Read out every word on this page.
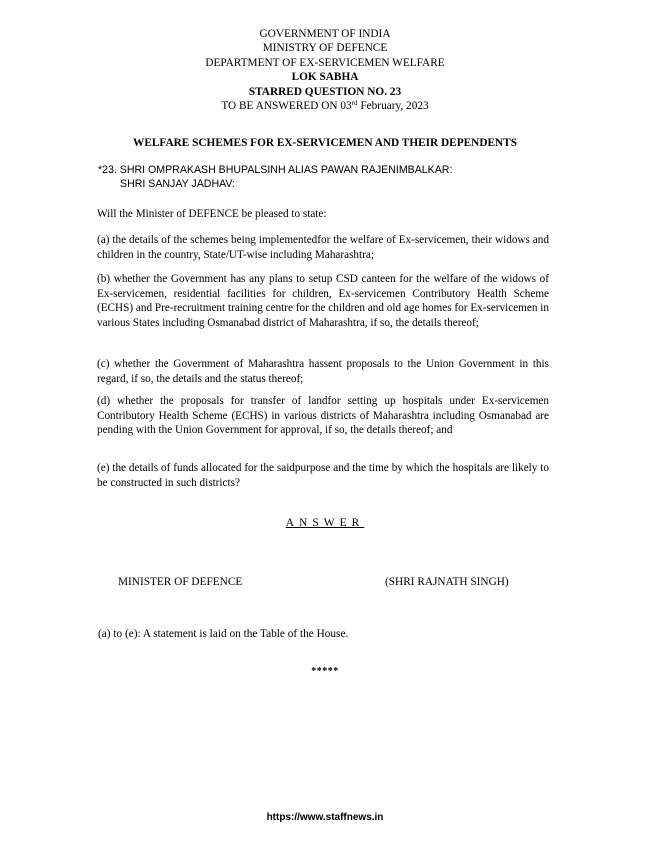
GOVERNMENT OF INDIA
MINISTRY OF DEFENCE
DEPARTMENT OF EX-SERVICEMEN WELFARE
LOK SABHA
STARRED QUESTION NO. 23
TO BE ANSWERED ON 03rd February, 2023
WELFARE SCHEMES FOR EX-SERVICEMEN AND THEIR DEPENDENTS
*23. SHRI OMPRAKASH BHUPALSINH ALIAS PAWAN RAJENIMBALKAR:
SHRI SANJAY JADHAV:
Will the Minister of DEFENCE be pleased to state:
(a) the details of the schemes being implementedfor the welfare of Ex-servicemen, their widows and children in the country, State/UT-wise including Maharashtra;
(b) whether the Government has any plans to setup CSD canteen for the welfare of the widows of Ex-servicemen, residential facilities for children, Ex-servicemen Contributory Health Scheme (ECHS) and Pre-recruitment training centre for the children and old age homes for Ex-servicemen in various States including Osmanabad district of Maharashtra, if so, the details thereof;
(c) whether the Government of Maharashtra hassent proposals to the Union Government in this regard, if so, the details and the status thereof;
(d) whether the proposals for transfer of landfor setting up hospitals under Ex-servicemen Contributory Health Scheme (ECHS) in various districts of Maharashtra including Osmanabad are pending with the Union Government for approval, if so, the details thereof; and
(e) the details of funds allocated for the saidpurpose and the time by which the hospitals are likely to be constructed in such districts?
ANSWER
MINISTER OF DEFENCE	(SHRI RAJNATH SINGH)
(a) to (e): A statement is laid on the Table of the House.
*****
https://www.staffnews.in
